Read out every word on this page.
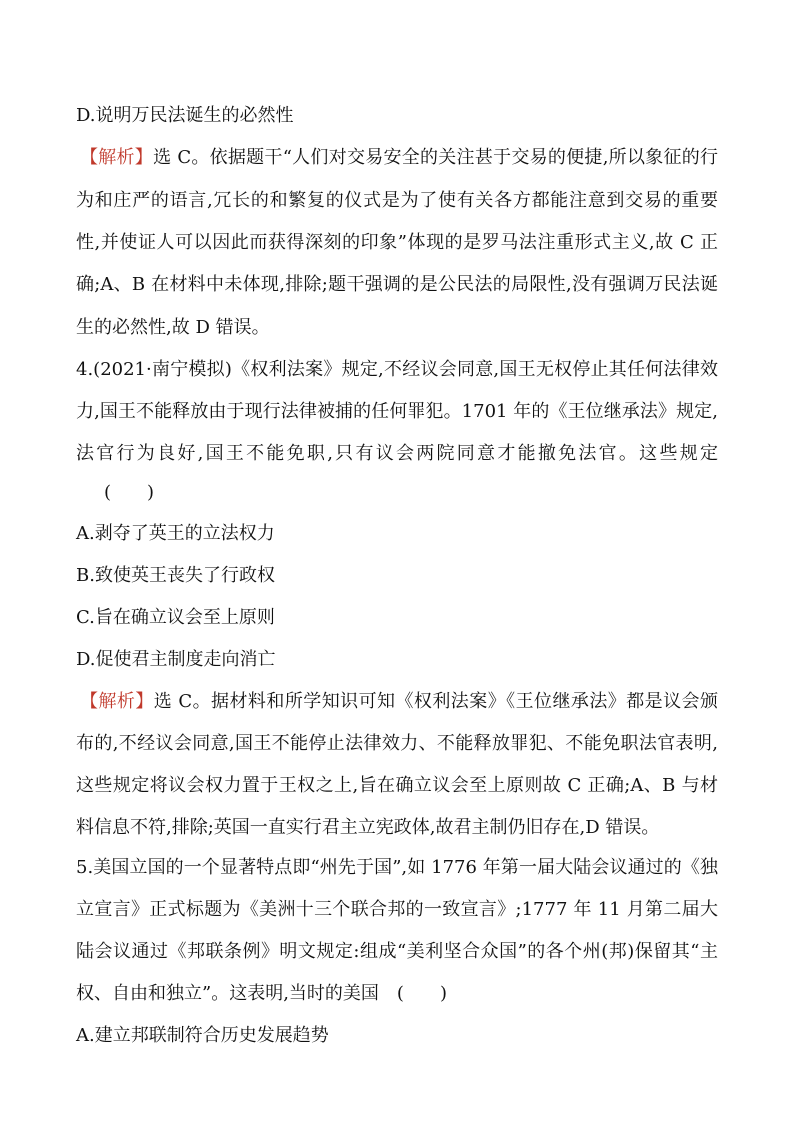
D.说明万民法诞生的必然性
【解析】选 C。依据题干“人们对交易安全的关注甚于交易的便捷,所以象征的行
为和庄严的语言,冗长的和繁复的仪式是为了使有关各方都能注意到交易的重要
性,并使证人可以因此而获得深刻的印象”体现的是罗马法注重形式主义,故 C 正
确;A、B 在材料中未体现,排除;题干强调的是公民法的局限性,没有强调万民法诞
生的必然性,故 D 错误。
4.(2021·南宁模拟)《权利法案》规定,不经议会同意,国王无权停止其任何法律效
力,国王不能释放由于现行法律被捕的任何罪犯。1701 年的《王位继承法》规定,
法官行为良好,国王不能免职,只有议会两院同意才能撤免法官。这些规定
(　　)
A.剥夺了英王的立法权力
B.致使英王丧失了行政权
C.旨在确立议会至上原则
D.促使君主制度走向消亡
【解析】选 C。据材料和所学知识可知《权利法案》《王位继承法》都是议会颁
布的,不经议会同意,国王不能停止法律效力、不能释放罪犯、不能免职法官表明,
这些规定将议会权力置于王权之上,旨在确立议会至上原则故 C 正确;A、B 与材
料信息不符,排除;英国一直实行君主立宪政体,故君主制仍旧存在,D 错误。
5.美国立国的一个显著特点即“州先于国”,如 1776 年第一届大陆会议通过的《独
立宣言》正式标题为《美洲十三个联合邦的一致宣言》;1777 年 11 月第二届大
陆会议通过《邦联条例》明文规定:组成“美利坚合众国”的各个州(邦)保留其“主
权、自由和独立”。这表明,当时的美国　(　　)
A.建立邦联制符合历史发展趋势
